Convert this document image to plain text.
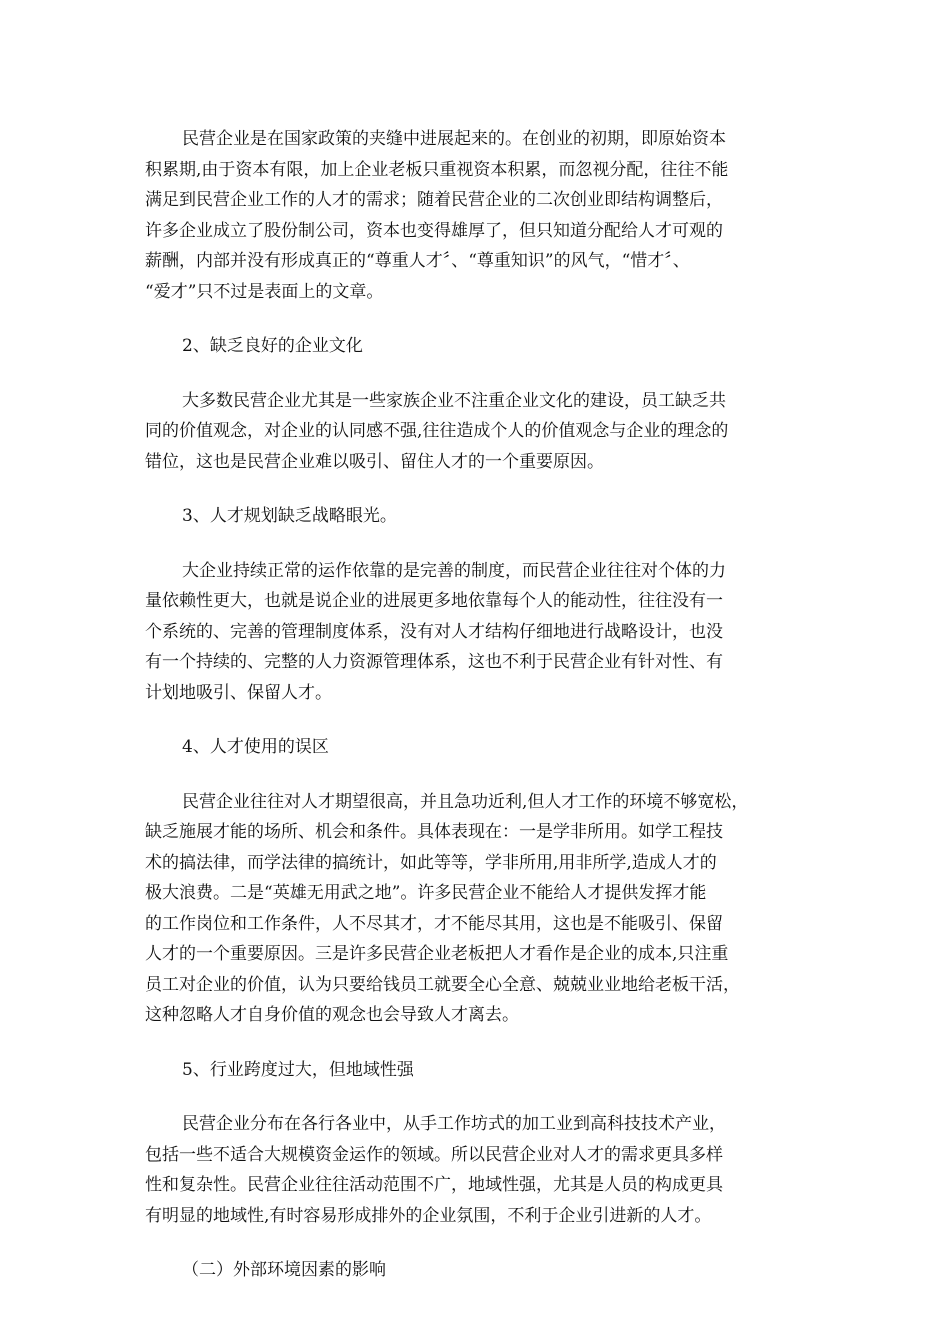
民营企业是在国家政策的夹缝中进展起来的。在创业的初期，即原始资本
积累期,由于资本有限，加上企业老板只重视资本积累，而忽视分配，往往不能
满足到民营企业工作的人才的需求；随着民营企业的二次创业即结构调整后，
许多企业成立了股份制公司，资本也变得雄厚了，但只知道分配给人才可观的
薪酬，内部并没有形成真正的“尊重人才〞、“尊重知识”的风气，“惜才〞、
“爱才”只不过是表面上的文章。

2、缺乏良好的企业文化

大多数民营企业尤其是一些家族企业不注重企业文化的建设，员工缺乏共
同的价值观念，对企业的认同感不强,往往造成个人的价值观念与企业的理念的
错位，这也是民营企业难以吸引、留住人才的一个重要原因。

3、人才规划缺乏战略眼光。

大企业持续正常的运作依靠的是完善的制度，而民营企业往往对个体的力
量依赖性更大，也就是说企业的进展更多地依靠每个人的能动性，往往没有一
个系统的、完善的管理制度体系，没有对人才结构仔细地进行战略设计，也没
有一个持续的、完整的人力资源管理体系，这也不利于民营企业有针对性、有
计划地吸引、保留人才。

4、人才使用的误区

民营企业往往对人才期望很高，并且急功近利,但人才工作的环境不够宽松，
缺乏施展才能的场所、机会和条件。具体表现在：一是学非所用。如学工程技
术的搞法律，而学法律的搞统计，如此等等，学非所用,用非所学,造成人才的
极大浪费。二是“英雄无用武之地”。许多民营企业不能给人才提供发挥才能
的工作岗位和工作条件，人不尽其才，才不能尽其用，这也是不能吸引、保留
人才的一个重要原因。三是许多民营企业老板把人才看作是企业的成本,只注重
员工对企业的价值，认为只要给钱员工就要全心全意、兢兢业业地给老板干活，
这种忽略人才自身价值的观念也会导致人才离去。

5、行业跨度过大，但地域性强

民营企业分布在各行各业中，从手工作坊式的加工业到高科技技术产业，
包括一些不适合大规模资金运作的领域。所以民营企业对人才的需求更具多样
性和复杂性。民营企业往往活动范围不广，地域性强，尤其是人员的构成更具
有明显的地域性,有时容易形成排外的企业氛围，不利于企业引进新的人才。

（二）外部环境因素的影响
